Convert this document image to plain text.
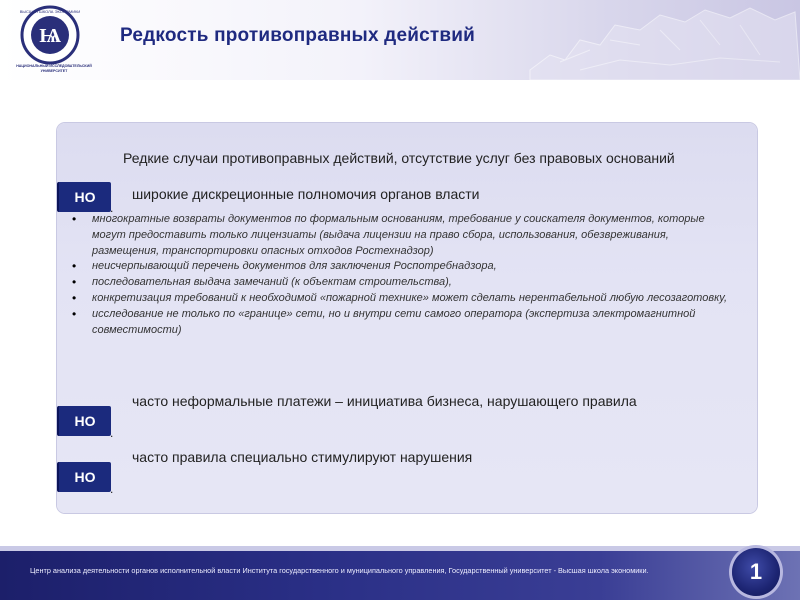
Ѩ
ВЫСШАЯ ШКОЛА ЭКОНОМИКИ
НАЦИОНАЛЬНЫЙ ИССЛЕДОВАТЕЛЬСКИЙ УНИВЕРСИТЕТ
Редкость противоправных действий
Редкие случаи противоправных действий, отсутствие услуг без правовых оснований
НО	широкие дискреционные полномочия органов власти
.
• многократные возвраты документов по формальным основаниям, требование у соискателя документов, которые могут предоставить только лицензиаты (выдача лицензии на право сбора, использования, обезвреживания, размещения, транспортировки опасных отходов Ростехнадзор)
• неисчерпывающий перечень документов для заключения Роспотребнадзора,
• последовательная выдача замечаний (к объектам строительства),
• конкретизация требований к необходимой «пожарной технике» может сделать нерентабельной любую лесозаготовку,
• исследование не только по «границе» сети, но и внутри сети самого оператора (экспертиза электромагнитной совместимости)
часто неформальные платежи – инициатива бизнеса, нарушающего правила
НО
.
часто правила специально стимулируют нарушения
НО
.
Центр анализа деятельности органов исполнительной власти Института государственного и муниципального управления, Государственный университет - Высшая школа экономики.	1
